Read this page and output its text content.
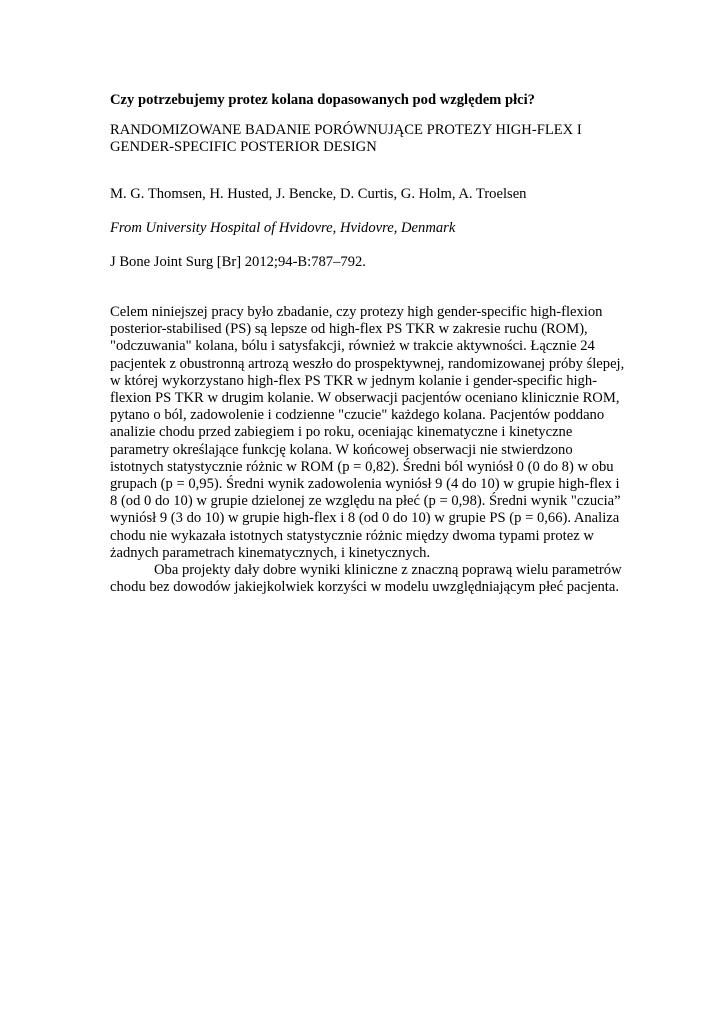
Czy potrzebujemy protez kolana dopasowanych pod względem płci?

RANDOMIZOWANE BADANIE PORÓWNUJĄCE PROTEZY HIGH-FLEX I GENDER-SPECIFIC POSTERIOR DESIGN

M. G. Thomsen, H. Husted, J. Bencke, D. Curtis, G. Holm, A. Troelsen

From University Hospital of Hvidovre, Hvidovre, Denmark

J Bone Joint Surg [Br] 2012;94-B:787–792.

Celem niniejszej pracy było zbadanie, czy protezy high gender-specific high-flexion posterior-stabilised (PS) są lepsze od high-flex PS TKR w zakresie ruchu (ROM), "odczuwania" kolana, bólu i satysfakcji, również w trakcie aktywności. Łącznie 24 pacjentek z obustronną artrozą weszło do prospektywnej, randomizowanej próby ślepej, w której wykorzystano high-flex PS TKR w jednym kolanie i gender-specific high-flexion PS TKR w drugim kolanie. W obserwacji pacjentów oceniano klinicznie ROM, pytano o ból, zadowolenie i codzienne "czucie" każdego kolana. Pacjentów poddano analizie chodu przed zabiegiem i po roku, oceniając kinematyczne i kinetyczne parametry określające funkcję kolana. W końcowej obserwacji nie stwierdzono istotnych statystycznie różnic w ROM (p = 0,82). Średni ból wyniósł 0 (0 do 8) w obu grupach (p = 0,95). Średni wynik zadowolenia wyniósł 9 (4 do 10) w grupie high-flex i 8 (od 0 do 10) w grupie dzielonej ze względu na płeć (p = 0,98). Średni wynik "czucia” wyniósł 9 (3 do 10) w grupie high-flex i 8 (od 0 do 10) w grupie PS (p = 0,66). Analiza chodu nie wykazała istotnych statystycznie różnic między dwoma typami protez w żadnych parametrach kinematycznych, i kinetycznych.

Oba projekty dały dobre wyniki kliniczne z znaczną poprawą wielu parametrów chodu bez dowodów jakiejkolwiek korzyści w modelu uwzględniającym płeć pacjenta.
